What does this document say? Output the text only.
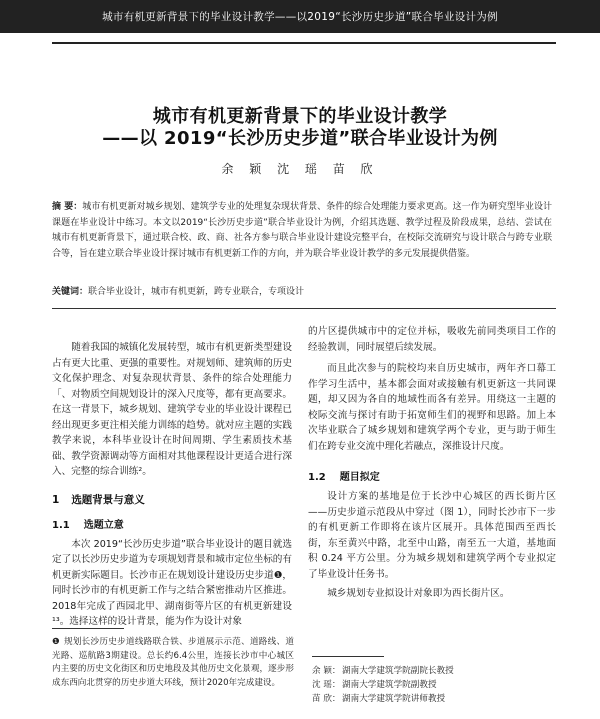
城市有机更新背景下的毕业设计教学——以2019“长沙历史步道”联合毕业设计为例
城市有机更新背景下的毕业设计教学
——以 2019“长沙历史步道”联合毕业设计为例
余 颖 沈 瑶 苗 欣
摘 要：城市有机更新对城乡规划、建筑学专业的处理复杂现状背景、条件的综合处理能力要求更高。这一作为研究型毕业设计课题在毕业设计中练习。本文以2019“长沙历史步道”联合毕业设计为例，介绍其选题、教学过程及阶段成果，总结、尝试在城市有机更新背景下，通过联合校、政、商、社各方参与联合毕业设计建设完整平台，在校际交流研究与设计联合与跨专业联合等，旨在建立联合毕业设计探讨城市有机更新工作的方向，并为联合毕业设计教学的多元发展提供借鉴。
关键词：联合毕业设计，城市有机更新，跨专业联合，专项设计

随着我国的城镇化发展转型，城市有机更新类型建设占有更大比重、更强的重要性。对规划师、建筑师的历史文化保护理念、对复杂现状背景、条件的综合处理能力「、对物质空间规划设计的深入尺度等，都有更高要求。在这一背景下，城乡规划、建筑学专业的毕业设计课程已经出现更多更注相关能力训练的趋势。就对应主题的实践教学来说，本科毕业设计在时间周期、学生素质技术基础、教学资源调动等方面相对其他课程设计更适合进行深入、完整的综合训练²。

1 选题背景与意义
1.1 选题立意

本次 2019“长沙历史步道”联合毕业设计的题目就选定了以长沙历史步道为专项规划背景和城市定位坐标的有机更新实际题目。长沙市正在规划设计建设历史步道❶，同时长沙市的有机更新工作与之结合紧密推动片区推进。2018年完成了西园北甲、湖南街等片区的有机更新建设¹³。选择这样的设计背景，能为作为设计对象

的片区提供城市中的定位并标，吸收先前同类项目工作的经验教训，同时展望后续发展。

而且此次参与的院校均来自历史城市，两年齐口幕工作学习生活中，基本都会面对或接触有机更新这一共同课题，却又因为各自的地域性而各有差异。用绕这一主题的校际交流与探讨有助于拓宽师生们的视野和思路。加上本次毕业联合了城乡规划和建筑学两个专业，更与助于师生们在跨专业交流中理化若融点，深推设计尺度。

1.2 题目拟定

设计方案的基地是位于长沙中心城区的西长街片区——历史步道示范段从中穿过（图 1），同时长沙市下一步的有机更新工作即将在该片区展开。具体范围西至西长街，东至黄兴中路，北至中山路，南至五一大道，基地面积 0.24 平方公里。分为城乡规划和建筑学两个专业拟定了毕业设计任务书。

城乡规划专业拟设计对象即为西长街片区。

❶ 规划长沙历史步道线路联合铁、步道展示示范、道路线、道光路、巡航路3期建设。总长约6.4公里，连接长沙市中心城区内主要的历史文化街区和历史地段及其他历史文化景观，逐步形成东西向北贯穿的历史步道大环线，预计2020年完成建设。
余 颖：湖南大学建筑学院副院长教授
沈 瑶：湖南大学建筑学院副教授
苗 欣：湖南大学建筑学院讲师教授
